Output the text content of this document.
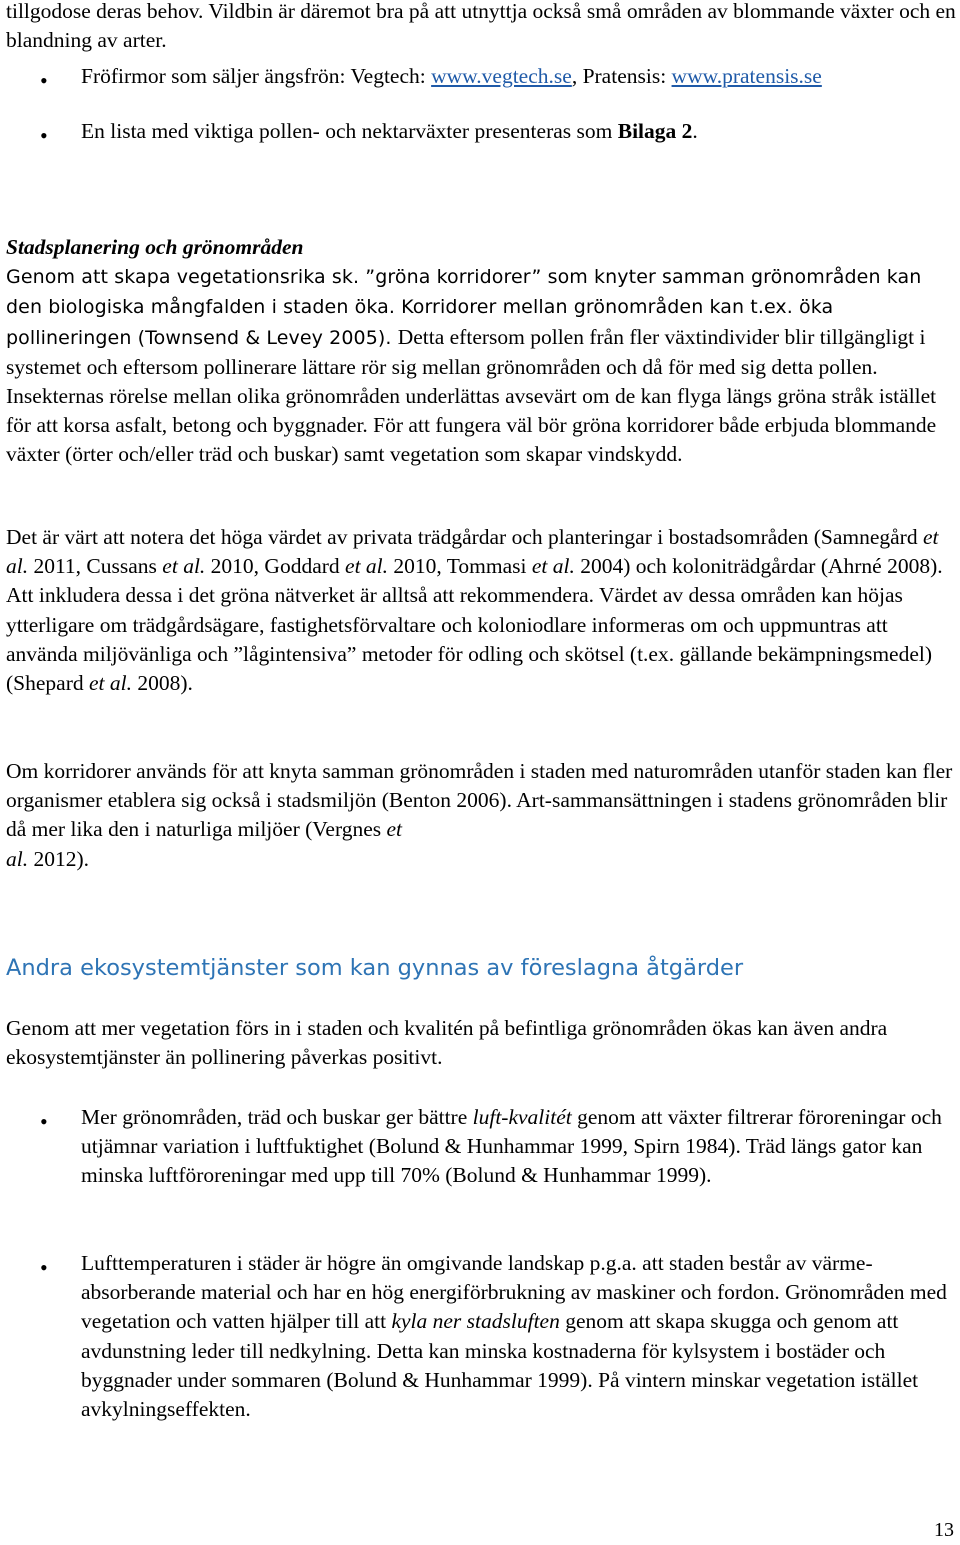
tillgodose deras behov. Vildbin är däremot bra på att utnyttja också små områden av blommande växter och en blandning av arter.

• Fröfirmor som säljer ängsfrön: Vegtech: www.vegtech.se, Pratensis: www.pratensis.se

• En lista med viktiga pollen- och nektarväxter presenteras som Bilaga 2.

Stadsplanering och grönområden
Genom att skapa vegetationsrika sk. ”gröna korridorer” som knyter samman grönområden kan den biologiska mångfalden i staden öka. Korridorer mellan grönområden kan t.ex. öka pollineringen (Townsend & Levey 2005). Detta eftersom pollen från fler växtindivider blir tillgängligt i systemet och eftersom pollinerare lättare rör sig mellan grönområden och då för med sig detta pollen. Insekternas rörelse mellan olika grönområden underlättas avsevärt om de kan flyga längs gröna stråk istället för att korsa asfalt, betong och byggnader. För att fungera väl bör gröna korridorer både erbjuda blommande växter (örter och/eller träd och buskar) samt vegetation som skapar vindskydd.

Det är värt att notera det höga värdet av privata trädgårdar och planteringar i bostadsområden (Samnegård et al. 2011, Cussans et al. 2010, Goddard et al. 2010, Tommasi et al. 2004) och koloniträdgårdar (Ahrné 2008). Att inkludera dessa i det gröna nätverket är alltså att rekommendera. Värdet av dessa områden kan höjas ytterligare om trädgårdsägare, fastighetsförvaltare och koloniodlare informeras om och uppmuntras att använda miljövänliga och ”lågintensiva” metoder för odling och skötsel (t.ex. gällande bekämpningsmedel) (Shepard et al. 2008).

Om korridorer används för att knyta samman grönområden i staden med naturområden utanför staden kan fler organismer etablera sig också i stadsmiljön (Benton 2006). Art-sammansättningen i stadens grönområden blir då mer lika den i naturliga miljöer (Vergnes et
al. 2012).

Andra ekosystemtjänster som kan gynnas av föreslagna åtgärder

Genom att mer vegetation förs in i staden och kvalitén på befintliga grönområden ökas kan även andra ekosystemtjänster än pollinering påverkas positivt.

• Mer grönområden, träd och buskar ger bättre luft-kvalitét genom att växter filtrerar föroreningar och utjämnar variation i luftfuktighet (Bolund & Hunhammar 1999, Spirn 1984). Träd längs gator kan minska luftföroreningar med upp till 70% (Bolund & Hunhammar 1999).

• Lufttemperaturen i städer är högre än omgivande landskap p.g.a. att staden består av värme-absorberande material och har en hög energiförbrukning av maskiner och fordon. Grönområden med vegetation och vatten hjälper till att kyla ner stadsluften genom att skapa skugga och genom att avdunstning leder till nedkylning. Detta kan minska kostnaderna för kylsystem i bostäder och byggnader under sommaren (Bolund & Hunhammar 1999). På vintern minskar vegetation istället avkylningseffekten.

13
